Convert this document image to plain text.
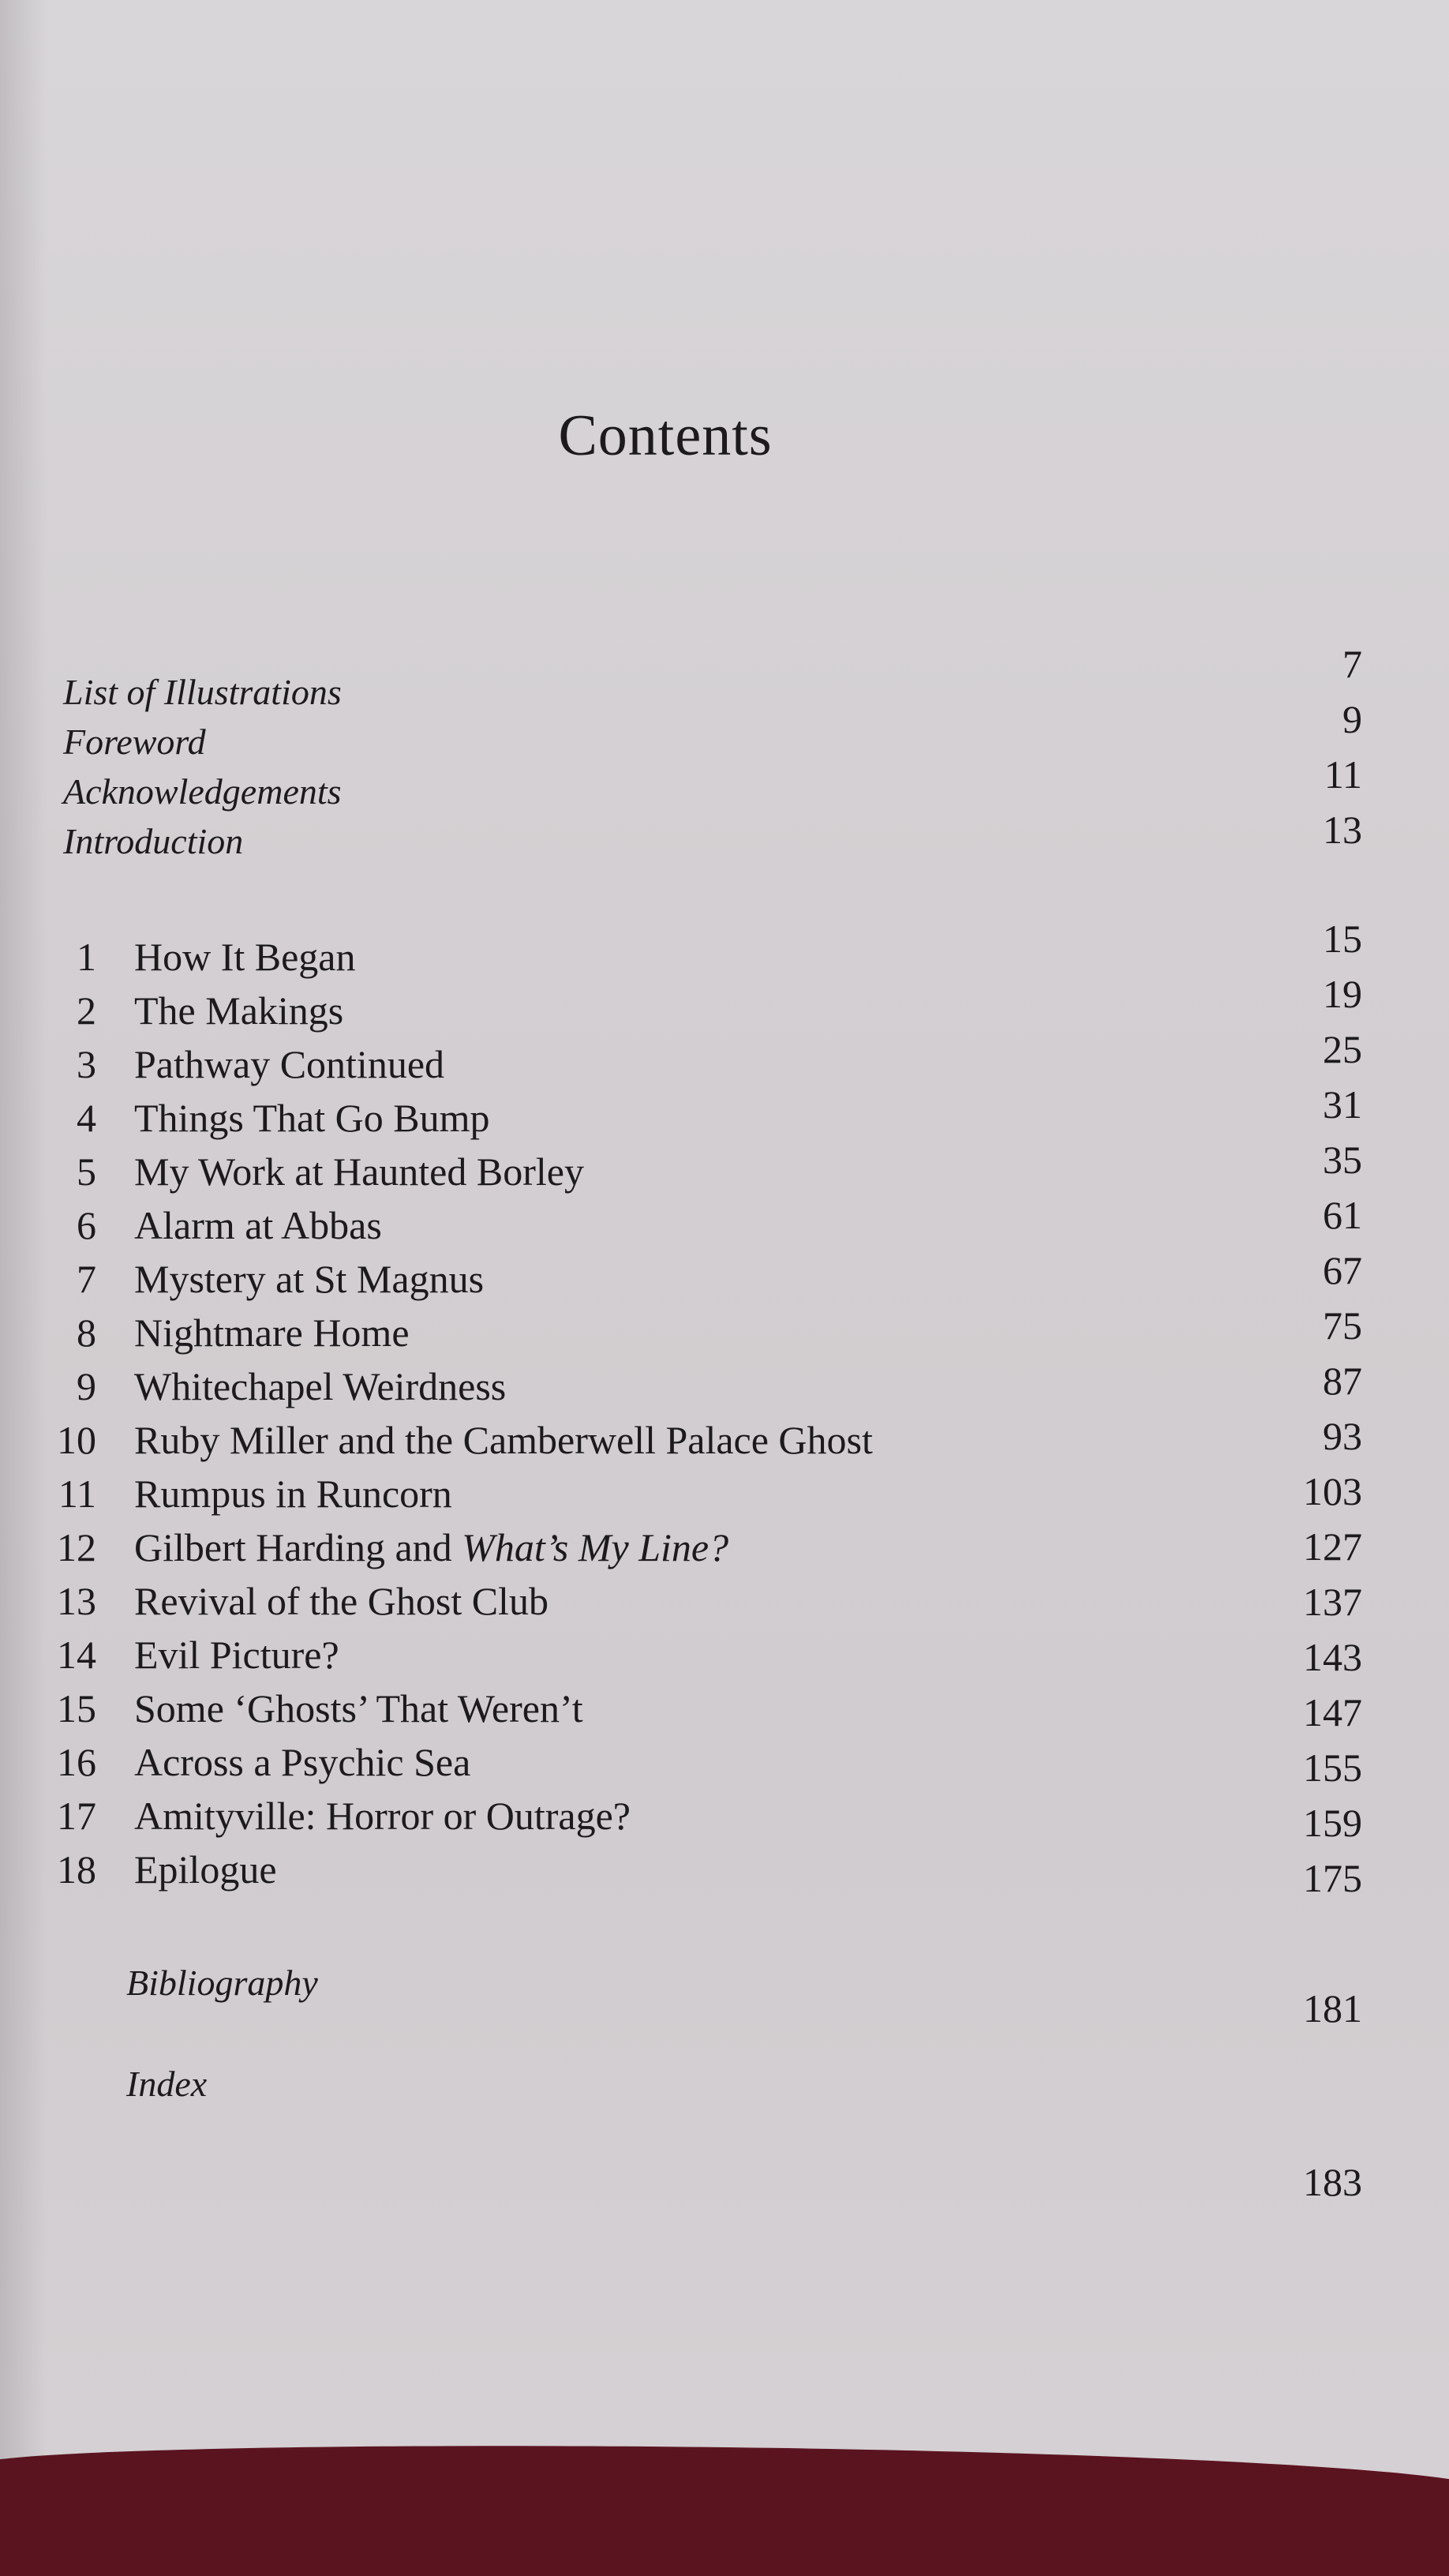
Contents
List of Illustrations
Foreword
Acknowledgements
Introduction
7
9
11
13
1 How It Began
2 The Makings
3 Pathway Continued
4 Things That Go Bump
5 My Work at Haunted Borley
6 Alarm at Abbas
7 Mystery at St Magnus
8 Nightmare Home
9 Whitechapel Weirdness
10 Ruby Miller and the Camberwell Palace Ghost
11 Rumpus in Runcorn
12 Gilbert Harding and What’s My Line?
13 Revival of the Ghost Club
14 Evil Picture?
15 Some ‘Ghosts’ That Weren’t
16 Across a Psychic Sea
17 Amityville: Horror or Outrage?
18 Epilogue
15
19
25
31
35
61
67
75
87
93
103
127
137
143
147
155
159
175
Bibliography
Index
181
183
